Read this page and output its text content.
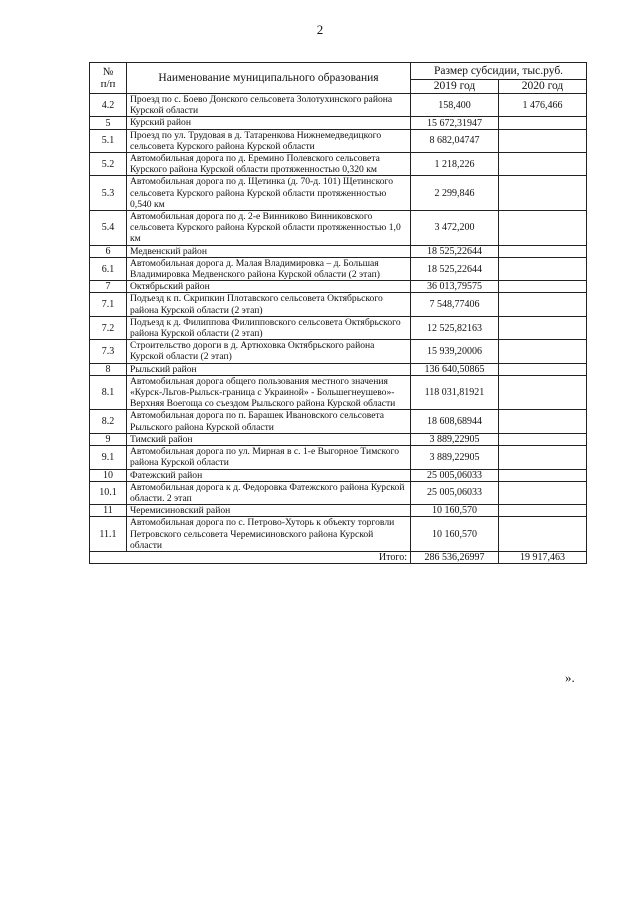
2
№
п/п	Наименование муниципального образования	Размер субсидии, тыс.руб.	
		2019 год	2020 год
4.2	Проезд по с. Боево Донского сельсовета Золотухинского района Курской области	158,400	1 476,466
5	Курский район	15 672,31947	
5.1	Проезд по ул. Трудовая в д. Татаренкова Нижнемедведицкого сельсовета Курского района Курской области	8 682,04747	
5.2	Автомобильная дорога по д. Еремино Полевского сельсовета Курского района Курской области протяженностью 0,320 км	1 218,226	
5.3	Автомобильная дорога по д. Щетинка (д. 70-д. 101) Щетинского сельсовета Курского района Курской области протяженностью 0,540 км	2 299,846	
5.4	Автомобильная дорога по д. 2-е Винниково Винниковского сельсовета Курского района Курской области протяженностью 1,0 км	3 472,200	
6	Медвенский район	18 525,22644	
6.1	Автомобильная дорога д. Малая Владимировка – д. Большая Владимировка Медвенского района Курской области (2 этап)	18 525,22644	
7	Октябрьский район	36 013,79575	
7.1	Подъезд к п. Скрипкин Плотавского сельсовета Октябрьского района Курской области (2 этап)	7 548,77406	
7.2	Подъезд к д. Филиппова Филипповского сельсовета Октябрьского района Курской области (2 этап)	12 525,82163	
7.3	Строительство дороги в д. Артюховка Октябрьского района Курской области (2 этап)	15 939,20006	
8	Рыльский район	136 640,50865	
8.1	Автомобильная дорога общего пользования местного значения «Курск-Льгов-Рыльск-граница с Украиной» - Большегнеушево»-Верхняя Воегоща со съездом Рыльского района Курской области	118 031,81921	
8.2	Автомобильная дорога по п. Барашек Ивановского сельсовета Рыльского района Курской области	18 608,68944	
9	Тимский район	3 889,22905	
9.1	Автомобильная дорога по ул. Мирная в с. 1-е Выгорное Тимского района Курской области	3 889,22905	
10	Фатежский район	25 005,06033	
10.1	Автомобильная дорога к д. Федоровка Фатежского района Курской области. 2 этап	25 005,06033	
11	Черемисиновский район	10 160,570	
11.1	Автомобильная дорога по с. Петрово-Хуторь к объекту торговли Петровского сельсовета Черемисиновского района Курской области	10 160,570	
Итого:		286 536,26997	19 917,463
».
